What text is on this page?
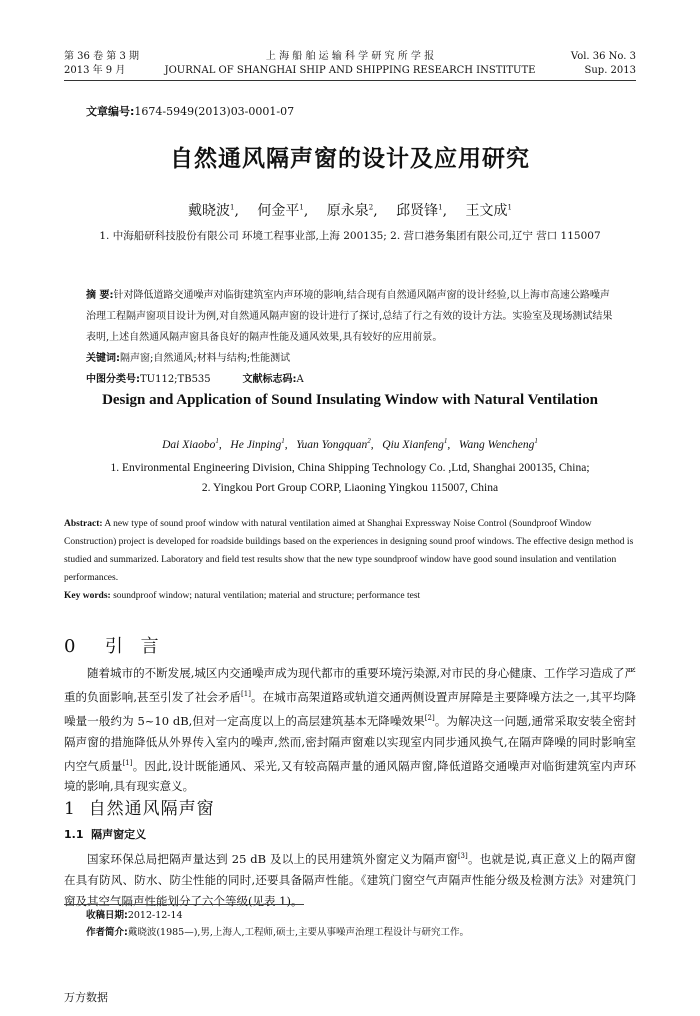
第 36 卷 第 3 期
2013 年 9 月
上 海 船 舶 运 输 科 学 研 究 所 学 报
JOURNAL OF SHANGHAI SHIP AND SHIPPING RESEARCH INSTITUTE
Vol. 36 No. 3
Sup. 2013
文章编号:1674-5949(2013)03-0001-07
自然通风隔声窗的设计及应用研究
戴晓波$^1$, 何金平$^1$, 原永泉$^2$, 邱贤锋$^1$, 王文成$^1$
1. 中海船研科技股份有限公司 环境工程事业部,上海 200135; 2. 营口港务集团有限公司,辽宁 营口 115007
摘 要:针对降低道路交通噪声对临街建筑室内声环境的影响,结合现有自然通风隔声窗的设计经验,以上海市高速公路噪声治理工程隔声窗项目设计为例,对自然通风隔声窗的设计进行了探讨,总结了行之有效的设计方法。实验室及现场测试结果表明,上述自然通风隔声窗具备良好的隔声性能及通风效果,具有较好的应用前景。
关键词:隔声窗;自然通风;材料与结构;性能测试
中图分类号:TU112;TB535	文献标志码:A
Design and Application of Sound Insulating Window with Natural Ventilation
Dai Xiaobo$^1$, He Jinping$^1$, Yuan Yongquan$^2$, Qiu Xianfeng$^1$, Wang Wencheng$^1$
1. Environmental Engineering Division, China Shipping Technology Co. ,Ltd, Shanghai 200135, China;
2. Yingkou Port Group CORP, Liaoning Yingkou 115007, China
Abstract: A new type of sound proof window with natural ventilation aimed at Shanghai Expressway Noise Control (Soundproof Window Construction) project is developed for roadside buildings based on the experiences in designing sound proof windows. The effective design method is studied and summarized. Laboratory and field test results show that the new type soundproof window have good sound insulation and ventilation performances.
Key words: soundproof window; natural ventilation; material and structure; performance test
0 引 言
随着城市的不断发展,城区内交通噪声成为现代都市的重要环境污染源,对市民的身心健康、工作学习造成了严重的负面影响,甚至引发了社会矛盾[1]。在城市高架道路或轨道交通两侧设置声屏障是主要降噪方法之一,其平均降噪量一般约为 5~10 dB,但对一定高度以上的高层建筑基本无降噪效果[2]。为解决这一问题,通常采取安装全密封隔声窗的措施降低从外界传入室内的噪声,然而,密封隔声窗难以实现室内同步通风换气,在隔声降噪的同时影响室内空气质量[1]。因此,设计既能通风、采光,又有较高隔声量的通风隔声窗,降低道路交通噪声对临街建筑室内声环境的影响,具有现实意义。
1 自然通风隔声窗
1.1 隔声窗定义
国家环保总局把隔声量达到 25 dB 及以上的民用建筑外窗定义为隔声窗[3]。也就是说,真正意义上的隔声窗在具有防风、防水、防尘性能的同时,还要具备隔声性能。《建筑门窗空气声隔声性能分级及检测方法》对建筑门窗及其空气隔声性能划分了六个等级(见表 1)。
收稿日期:2012-12-14
作者简介:戴晓波(1985—),男,上海人,工程师,硕士,主要从事噪声治理工程设计与研究工作。
万方数据
